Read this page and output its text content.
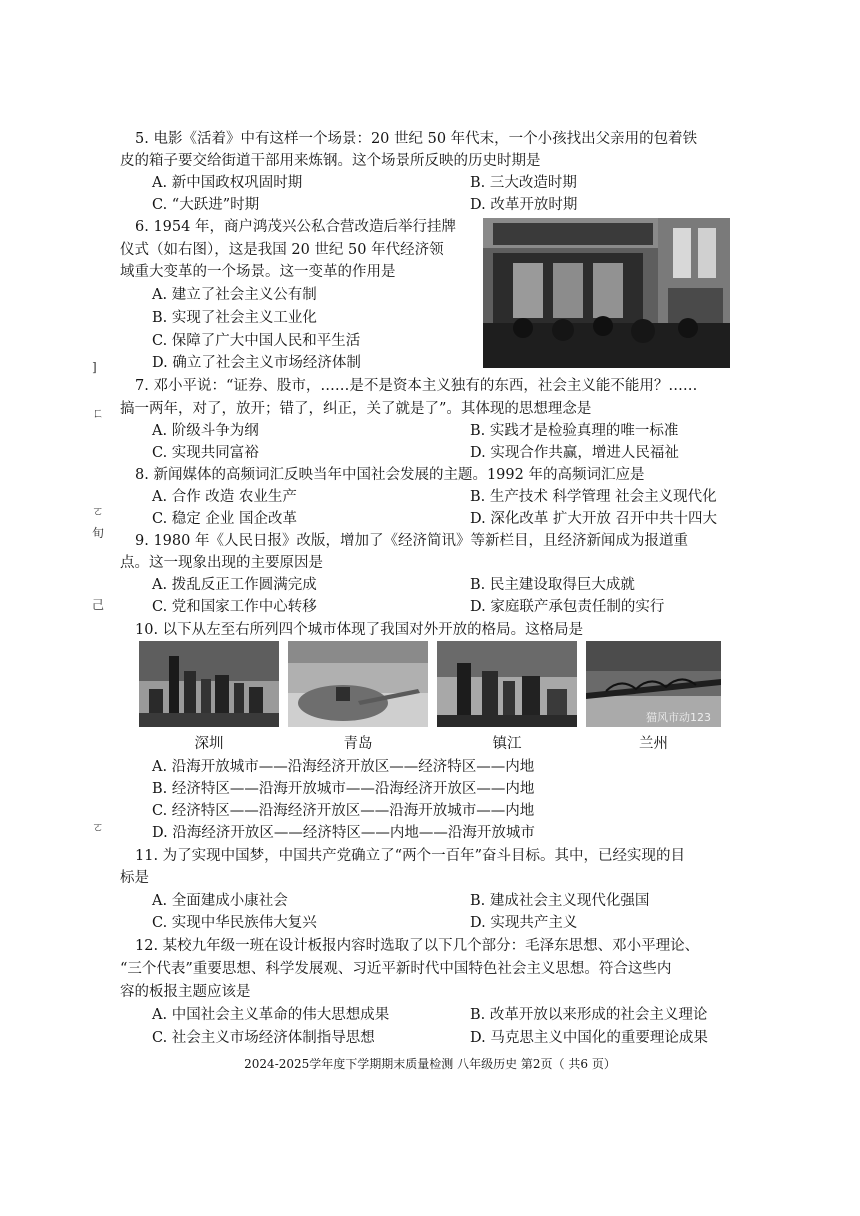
5. 电影《活着》中有这样一个场景：20 世纪 50 年代末，一个小孩找出父亲用的包着铁
皮的箱子要交给街道干部用来炼钢。这个场景所反映的历史时期是
A. 新中国政权巩固时期	B. 三大改造时期
C. “大跃进”时期	D. 改革开放时期
6. 1954 年，商户鸿茂兴公私合营改造后举行挂牌
仪式（如右图），这是我国 20 世纪 50 年代经济领
域重大变革的一个场景。这一变革的作用是
A. 建立了社会主义公有制
B. 实现了社会主义工业化
C. 保障了广大中国人民和平生活
D. 确立了社会主义市场经济体制
7. 邓小平说：“证券、股市，……是不是资本主义独有的东西，社会主义能不能用？……
搞一两年，对了，放开；错了，纠正，关了就是了”。其体现的思想理念是
A. 阶级斗争为纲	B. 实践才是检验真理的唯一标准
C. 实现共同富裕	D. 实现合作共赢，增进人民福祉
8. 新闻媒体的高频词汇反映当年中国社会发展的主题。1992 年的高频词汇应是
A. 合作 改造 农业生产	B. 生产技术 科学管理 社会主义现代化
C. 稳定 企业 国企改革	D. 深化改革 扩大开放 召开中共十四大
9. 1980 年《人民日报》改版，增加了《经济简讯》等新栏目，且经济新闻成为报道重
点。这一现象出现的主要原因是
A. 拨乱反正工作圆满完成	B. 民主建设取得巨大成就
C. 党和国家工作中心转移	D. 家庭联产承包责任制的实行
10. 以下从左至右所列四个城市体现了我国对外开放的格局。这格局是
猫风市动123
深圳	青岛	镇江	兰州
A. 沿海开放城市——沿海经济开放区——经济特区——内地
B. 经济特区——沿海开放城市——沿海经济开放区——内地
C. 经济特区——沿海经济开放区——沿海开放城市——内地
D. 沿海经济开放区——经济特区——内地——沿海开放城市
11. 为了实现中国梦，中国共产党确立了“两个一百年”奋斗目标。其中，已经实现的目
标是
A. 全面建成小康社会	B. 建成社会主义现代化强国
C. 实现中华民族伟大复兴	D. 实现共产主义
12. 某校九年级一班在设计板报内容时选取了以下几个部分：毛泽东思想、邓小平理论、
“三个代表”重要思想、科学发展观、习近平新时代中国特色社会主义思想。符合这些内
容的板报主题应该是
A. 中国社会主义革命的伟大思想成果	B. 改革开放以来形成的社会主义理论
C. 社会主义市场经济体制指导思想	D. 马克思主义中国化的重要理论成果
2024-2025学年度下学期期末质量检测 八年级历史 第2页（ 共6 页）
]
ㄈ
ㄛ
旬
己
ㄛ
